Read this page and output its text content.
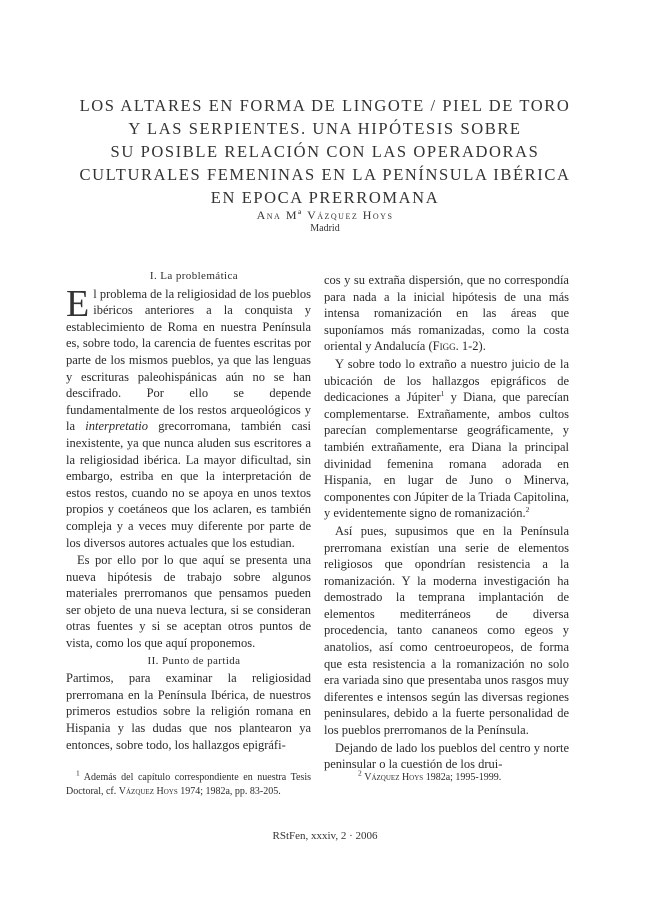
LOS ALTARES EN FORMA DE LINGOTE / PIEL DE TORO
Y LAS SERPIENTES. UNA HIPÓTESIS SOBRE
SU POSIBLE RELACIÓN CON LAS OPERADORAS
CULTURALES FEMENINAS EN LA PENÍNSULA IBÉRICA
EN EPOCA PRERROMANA
Ana Mª Vázquez Hoys
Madrid

I. La problemática

El problema de la religiosidad de los pueblos ibéricos anteriores a la conquista y establecimiento de Roma en nuestra Península es, sobre todo, la carencia de fuentes escritas por parte de los mismos pueblos, ya que las lenguas y escrituras paleohispánicas aún no se han descifrado. Por ello se depende fundamentalmente de los restos arqueológicos y la interpretatio grecorromana, también casi inexistente, ya que nunca aluden sus escritores a la religiosidad ibérica. La mayor dificultad, sin embargo, estriba en que la interpretación de estos restos, cuando no se apoya en unos textos propios y coetáneos que los aclaren, es también compleja y a veces muy diferente por parte de los diversos autores actuales que los estudian.

Es por ello por lo que aquí se presenta una nueva hipótesis de trabajo sobre algunos materiales prerromanos que pensamos pueden ser objeto de una nueva lectura, si se consideran otras fuentes y si se aceptan otros puntos de vista, como los que aquí proponemos.

II. Punto de partida

Partimos, para examinar la religiosidad prerromana en la Península Ibérica, de nuestros primeros estudios sobre la religión romana en Hispania y las dudas que nos plantearon ya entonces, sobre todo, los hallazgos epigráfi-

cos y su extraña dispersión, que no correspondía para nada a la inicial hipótesis de una más intensa romanización en las áreas que suponíamos más romanizadas, como la costa oriental y Andalucía (Figg. 1-2).

Y sobre todo lo extraño a nuestro juicio de la ubicación de los hallazgos epigráficos de dedicaciones a Júpiter$^1$ y Diana, que parecían complementarse. Extrañamente, ambos cultos parecían complementarse geográficamente, y también extrañamente, era Diana la principal divinidad femenina romana adorada en Hispania, en lugar de Juno o Minerva, componentes con Júpiter de la Triada Capitolina, y evidentemente signo de romanización.$^2$

Así pues, supusimos que en la Península prerromana existían una serie de elementos religiosos que opondrían resistencia a la romanización. Y la moderna investigación ha demostrado la temprana implantación de elementos mediterráneos de diversa procedencia, tanto cananeos como egeos y anatolios, así como centroeuropeos, de forma que esta resistencia a la romanización no solo era variada sino que presentaba unos rasgos muy diferentes e intensos según las diversas regiones peninsulares, debido a la fuerte personalidad de los pueblos prerromanos de la Península.

Dejando de lado los pueblos del centro y norte peninsular o la cuestión de los drui-

$^1$ Además del capítulo correspondiente en nuestra Tesis Doctoral, cf. Vázquez Hoys 1974; 1982a, pp. 83-205.

$^2$ Vázquez Hoys 1982a; 1995-1999.

RStFen, xxxiv, 2 · 2006
